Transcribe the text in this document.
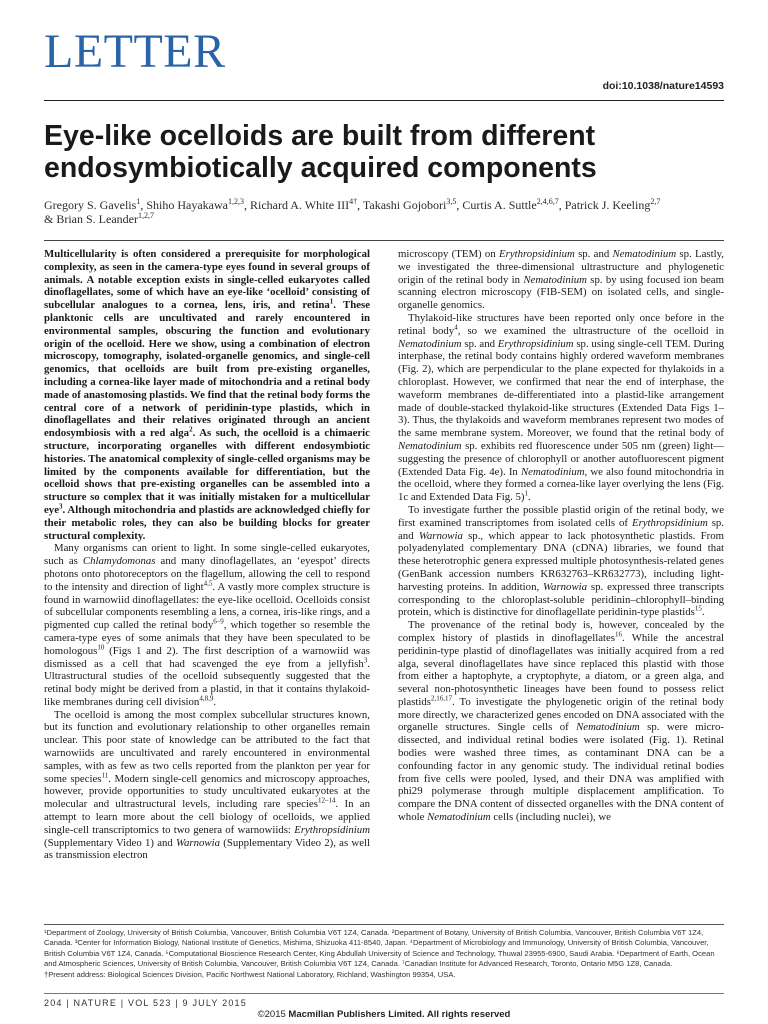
LETTER
doi:10.1038/nature14593
Eye-like ocelloids are built from different endosymbiotically acquired components
Gregory S. Gavelis$^1$, Shiho Hayakawa$^{1,2,3}$, Richard A. White $III^{4\dagger}$, Takashi Gojobori$^{3,5}$, Curtis A. Suttle$^{2,4,6,7}$, Patrick J. Keeling$^{2,7}$
& Brian S. Leander$^{1,2,7}$

Multicellularity is often considered a prerequisite for morphological complexity, as seen in the camera-type eyes found in several groups of animals. A notable exception exists in single-celled eukaryotes called dinoflagellates, some of which have an eye-like ‘ocelloid’ consisting of subcellular analogues to a cornea, lens, iris, and retina$^1$. These planktonic cells are uncultivated and rarely encountered in environmental samples, obscuring the function and evolutionary origin of the ocelloid. Here we show, using a combination of electron microscopy, tomography, isolated-organelle genomics, and single-cell genomics, that ocelloids are built from pre-existing organelles, including a cornea-like layer made of mitochondria and a retinal body made of anastomosing plastids. We find that the retinal body forms the central core of a network of peridinin-type plastids, which in dinoflagellates and their relatives originated through an ancient endosymbiosis with a red alga$^2$. As such, the ocelloid is a chimaeric structure, incorporating organelles with different endosymbiotic histories. The anatomical complexity of single-celled organisms may be limited by the components available for differentiation, but the ocelloid shows that pre-existing organelles can be assembled into a structure so complex that it was initially mistaken for a multicellular eye$^3$. Although mitochondria and plastids are acknowledged chiefly for their metabolic roles, they can also be building blocks for greater structural complexity.

Many organisms can orient to light. In some single-celled eukaryotes, such as Chlamydomonas and many dinoflagellates, an ‘eyespot’ directs photons onto photoreceptors on the flagellum, allowing the cell to respond to the intensity and direction of light$^{4,5}$. A vastly more complex structure is found in warnowiid dinoflagellates: the eye-like ocelloid. Ocelloids consist of subcellular components resembling a lens, a cornea, iris-like rings, and a pigmented cup called the retinal body$^{6-9}$, which together so resemble the camera-type eyes of some animals that they have been speculated to be homologous$^{10}$ (Figs 1 and 2). The first description of a warnowiid was dismissed as a cell that had scavenged the eye from a jellyfish$^3$. Ultrastructural studies of the ocelloid subsequently suggested that the retinal body might be derived from a plastid, in that it contains thylakoid-like membranes during cell division$^{4,8,9}$.

The ocelloid is among the most complex subcellular structures known, but its function and evolutionary relationship to other organelles remain unclear. This poor state of knowledge can be attributed to the fact that warnowiids are uncultivated and rarely encountered in environmental samples, with as few as two cells reported from the plankton per year for some species$^{11}$. Modern single-cell genomics and microscopy approaches, however, provide opportunities to study uncultivated eukaryotes at the molecular and ultrastructural levels, including rare species$^{12-14}$. In an attempt to learn more about the cell biology of ocelloids, we applied single-cell transcriptomics to two genera of warnowiids: Erythropsidinium (Supplementary Video 1) and Warnowia (Supplementary Video 2), as well as transmission electron

microscopy (TEM) on Erythropsidinium sp. and Nematodinium sp. Lastly, we investigated the three-dimensional ultrastructure and phylogenetic origin of the retinal body in Nematodinium sp. by using focused ion beam scanning electron microscopy (FIB-SEM) on isolated cells, and single-organelle genomics.

Thylakoid-like structures have been reported only once before in the retinal body$^4$, so we examined the ultrastructure of the ocelloid in Nematodinium sp. and Erythropsidinium sp. using single-cell TEM. During interphase, the retinal body contains highly ordered waveform membranes (Fig. 2), which are perpendicular to the plane expected for thylakoids in a chloroplast. However, we confirmed that near the end of interphase, the waveform membranes de-differentiated into a plastid-like arrangement made of double-stacked thylakoid-like structures (Extended Data Figs 1–3). Thus, the thylakoids and waveform membranes represent two modes of the same membrane system. Moreover, we found that the retinal body of Nematodinium sp. exhibits red fluorescence under 505 nm (green) light—suggesting the presence of chlorophyll or another autofluorescent pigment (Extended Data Fig. 4e). In Nematodinium, we also found mitochondria in the ocelloid, where they formed a cornea-like layer overlying the lens (Fig. 1c and Extended Data Fig. 5)$^1$.

To investigate further the possible plastid origin of the retinal body, we first examined transcriptomes from isolated cells of Erythropsidinium sp. and Warnowia sp., which appear to lack photosynthetic plastids. From polyadenylated complementary DNA (cDNA) libraries, we found that these heterotrophic genera expressed multiple photosynthesis-related genes (GenBank accession numbers KR632763–KR632773), including light-harvesting proteins. In addition, Warnowia sp. expressed three transcripts corresponding to the chloroplast-soluble peridinin–chlorophyll–binding protein, which is distinctive for dinoflagellate peridinin-type plastids$^{15}$.

The provenance of the retinal body is, however, concealed by the complex history of plastids in dinoflagellates$^{16}$. While the ancestral peridinin-type plastid of dinoflagellates was initially acquired from a red alga, several dinoflagellates have since replaced this plastid with those from either a haptophyte, a cryptophyte, a diatom, or a green alga, and several non-photosynthetic lineages have been found to possess relict plastids$^{2,16,17}$. To investigate the phylogenetic origin of the retinal body more directly, we characterized genes encoded on DNA associated with the organelle structures. Single cells of Nematodinium sp. were micro-dissected, and individual retinal bodies were isolated (Fig. 1). Retinal bodies were washed three times, as contaminant DNA can be a confounding factor in any genomic study. The individual retinal bodies from five cells were pooled, lysed, and their DNA was amplified with phi29 polymerase through multiple displacement amplification. To compare the DNA content of dissected organelles with the DNA content of whole Nematodinium cells (including nuclei), we

¹Department of Zoology, University of British Columbia, Vancouver, British Columbia V6T 1Z4, Canada. ²Department of Botany, University of British Columbia, Vancouver, British Columbia V6T 1Z4, Canada. ³Center for Information Biology, National Institute of Genetics, Mishima, Shizuoka 411-8540, Japan. ⁴Department of Microbiology and Immunology, University of British Columbia, Vancouver, British Columbia V6T 1Z4, Canada. ⁵Computational Bioscience Research Center, King Abdullah University of Science and Technology, Thuwal 23955-6900, Saudi Arabia. ⁶Department of Earth, Ocean and Atmospheric Sciences, University of British Columbia, Vancouver, British Columbia V6T 1Z4, Canada. ⁷Canadian Institute for Advanced Research, Toronto, Ontario M5G 1Z8, Canada.
†Present address: Biological Sciences Division, Pacific Northwest National Laboratory, Richland, Washington 99354, USA.
204 | NATURE | VOL 523 | 9 JULY 2015
©2015 Macmillan Publishers Limited. All rights reserved
